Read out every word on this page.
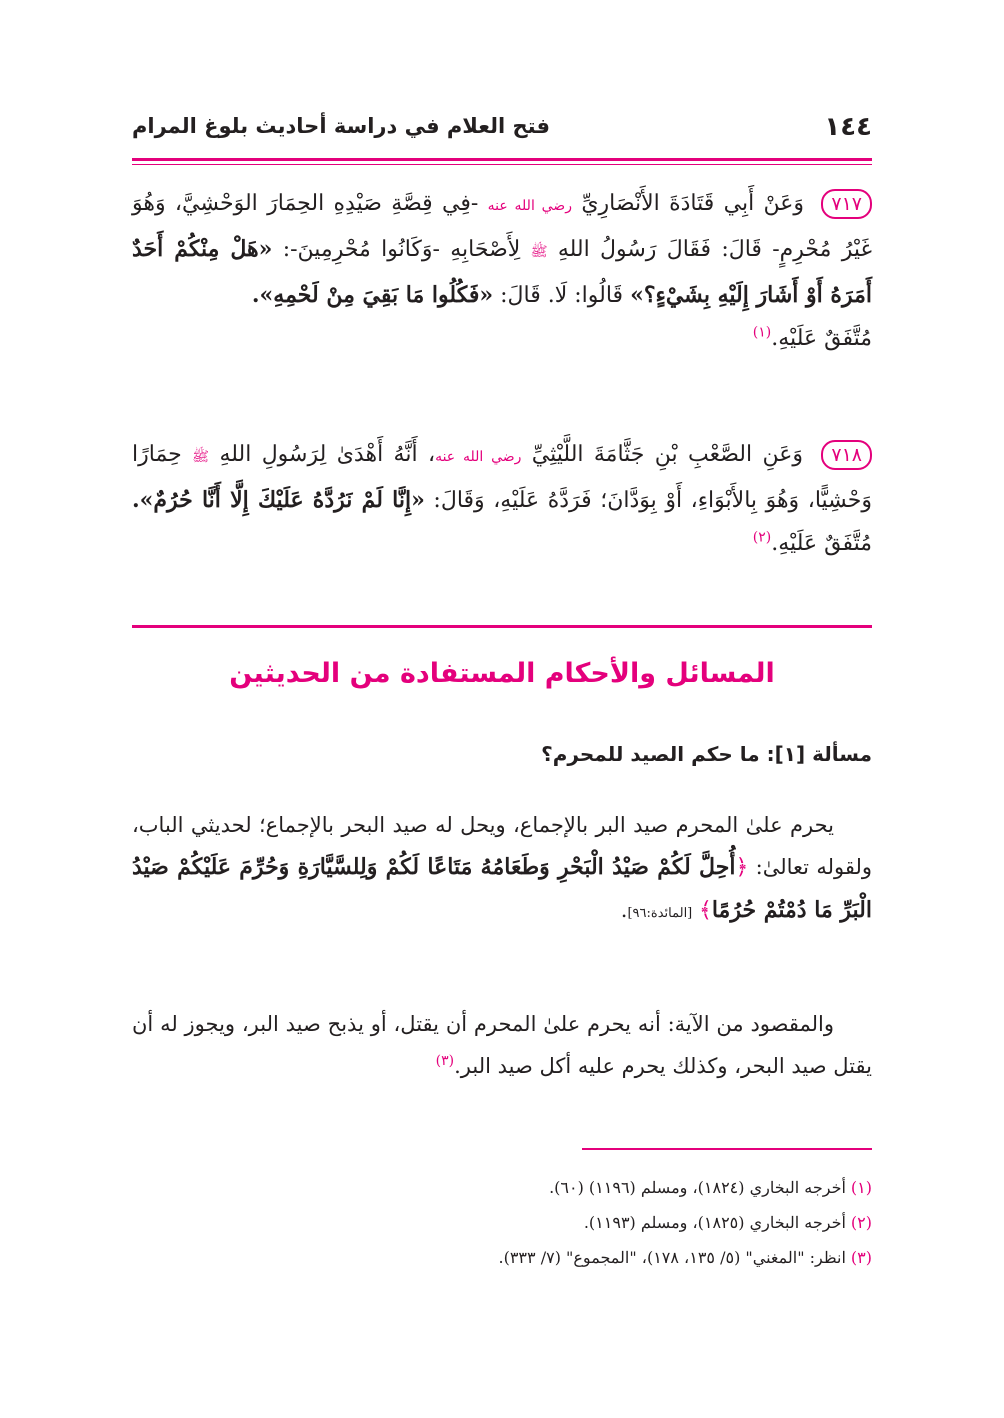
١٤٤
فتح العلام في دراسة أحاديث بلوغ المرام
٧١٧ وَعَنْ أَبِي قَتَادَةَ الأَنْصَارِيِّ رضي الله عنه -فِي قِصَّةِ صَيْدِهِ الحِمَارَ الوَحْشِيَّ، وَهُوَ غَيْرُ مُحْرِمٍ- قَالَ: فَقَالَ رَسُولُ اللهِ ﷺ لِأَصْحَابِهِ -وَكَانُوا مُحْرِمِينَ-: «هَلْ مِنْكُمْ أَحَدٌ أَمَرَهُ أَوْ أَشَارَ إِلَيْهِ بِشَيْءٍ؟» قَالُوا: لَا. قَالَ: «فَكُلُوا مَا بَقِيَ مِنْ لَحْمِهِ».
مُتَّفَقٌ عَلَيْهِ.$^{(١)}$
٧١٨ وَعَنِ الصَّعْبِ بْنِ جَثَّامَةَ اللَّيْثِيِّ رضي الله عنه، أَنَّهُ أَهْدَىٰ لِرَسُولِ اللهِ ﷺ حِمَارًا وَحْشِيًّا، وَهُوَ بِالأَبْوَاءِ، أَوْ بِوَدَّانَ؛ فَرَدَّهُ عَلَيْهِ، وَقَالَ: «إِنَّا لَمْ نَرُدَّهُ عَلَيْكَ إِلَّا أَنَّا حُرُمٌ». مُتَّفَقٌ عَلَيْهِ.$^{(٢)}$
المسائل والأحكام المستفادة من الحديثين
مسألة [١]: ما حكم الصيد للمحرم؟
يحرم علىٰ المحرم صيد البر بالإجماع، ويحل له صيد البحر بالإجماع؛ لحديثي الباب، ولقوله تعالىٰ: ﴿أُحِلَّ لَكُمْ صَيْدُ الْبَحْرِ وَطَعَامُهُ مَتَاعًا لَكُمْ وَلِلسَّيَّارَةِ وَحُرِّمَ عَلَيْكُمْ صَيْدُ الْبَرِّ مَا دُمْتُمْ حُرُمًا﴾ [المائدة:٩٦].
والمقصود من الآية: أنه يحرم علىٰ المحرم أن يقتل، أو يذبح صيد البر، ويجوز له أن يقتل صيد البحر، وكذلك يحرم عليه أكل صيد البر.$^{(٣)}$
(١)أخرجه البخاري (١٨٢٤)، ومسلم (١١٩٦) (٦٠).
(٢)أخرجه البخاري (١٨٢٥)، ومسلم (١١٩٣).
(٣)انظر: "المغني" (٥/ ١٣٥، ١٧٨)، "المجموع" (٧/ ٣٣٣).
